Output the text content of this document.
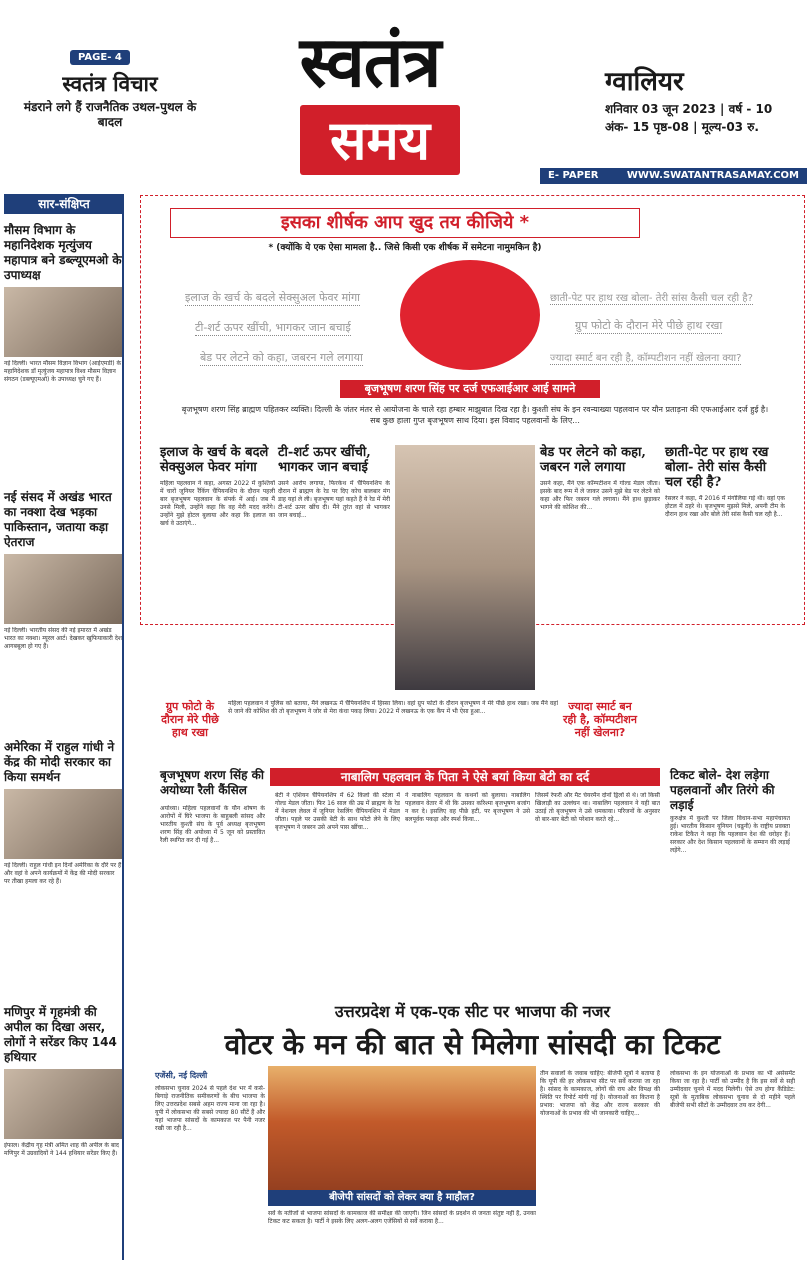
PAGE- 4
स्वतंत्र विचार
मंडराने लगे हैं राजनैतिक उथल-पुथल के बादल
स्वतंत्र
समय
ग्वालियर
शनिवार 03 जून 2023 | वर्ष - 10
अंक- 15 पृष्ठ-08 | मूल्य-03 रु.
E- PAPER	WWW.SWATANTRASAMAY.COM
मौसम विभाग के महानिदेशक मृत्युंजय महापात्र बने डब्ल्यूएमओ के उपाध्यक्ष
नई दिल्ली। भारत मौसम विज्ञान विभाग (आईएमडी) के महानिदेशक डॉ मृत्युंजय महापात्र विश्व मौसम विज्ञान संगठन (डब्ल्यूएमओ) के उपाध्यक्ष चुने गए हैं।
नई संसद में अखंड भारत का नक्शा देख भड़का पाकिस्तान, जताया कड़ा ऐतराज
नई दिल्ली। भारतीय संसद की नई इमारत में अखंड भारत का नक्शा। म्यूरल आर्ट। देखकर खुफियाकारी देश आगबबूला हो गए हैं।
अमेरिका में राहुल गांधी ने केंद्र की मोदी सरकार का किया समर्थन
नई दिल्ली। राहुल गांधी इन दिनों अमेरिका के दौरे पर हैं और वहां वे अपने कार्यक्रमों में केंद्र की मोदी सरकार पर तीखा हमला कर रहे हैं।
मणिपुर में गृहमंत्री की अपील का दिखा असर, लोगों ने सरेंडर किए 144 हथियार
इंफाल। केंद्रीय गृह मंत्री अमित शाह की अपील के बाद मणिपुर में उग्रवादियों ने 144 हथियार सरेंडर किए हैं।
सार-संक्षिप्त
इसका शीर्षक आप खुद तय कीजिये *
* (क्योंकि ये एक ऐसा मामला है.. जिसे किसी एक शीर्षक में समेटना नामुमकिन है)
इलाज के खर्च के बदले सेक्सुअल फेवर मांगा
टी-शर्ट ऊपर खींची, भागकर जान बचाई
बेड पर लेटने को कहा, जबरन गले लगाया
छाती-पेट पर हाथ रख बोला- तेरी सांस कैसी चल रही है?
ग्रुप फोटो के दौरान मेरे पीछे हाथ रखा
ज्यादा स्मार्ट बन रही है, कॉम्पटीशन नहीं खेलना क्या?
बृजभूषण शरण सिंह पर दर्ज एफआईआर आई सामने
बृजभूषण शरण सिंह ब्राह्मण पहितकर व्यक्ति। दिल्ली के जंतर मंतर से आयोजना के चाले रहा हम्बार माझुबात दिख रहा है। कुश्ती संघ के इन रवन्याख्या पहलवान पर यौन प्रताड़ना की एफआईआर दर्ज हुई है। सब कुछ हाला गुप्त बृजभूषण साथ दिया। इस विवाद पहलवानों के लिए...
इलाज के खर्च के बदले सेक्सुअल फेवर मांगा
महिला पहलवान ने कहा, अगस्त 2022 में कुश्तियों में चारों जूनियर रैंकिंग चैंपियनशिप के दौरान पहली बार बृजभूषण पहलवान के संपर्क में आई। जब मैं उनसे मिली, उन्होंने कहा कि वह मेरी मदद करेंगे। उन्होंने मुझे होटल बुलाया और कहा कि इलाज का खर्च वे उठाएंगे...
टी-शर्ट ऊपर खींची, भागकर जान बचाई
उसने आरोप लगाया, फिरकेथ में चैंपियनशिप के दौरान में ब्राह्मण के रेड पर दिए कोच बालबार मंग डाह यहां ले ली। बृजभूषण यहां कहते हैं ये रेड में मेरी टी-शर्ट ऊपर खींच दी। मैंने तुरंत वहां से भागकर जान बचाई...
बेड पर लेटने को कहा, जबरन गले लगाया
उसने कहा, मैंने एक कॉम्पटीशन में गोल्ड मेडल जीता। इसके बाद रूम में ले जाकर उसने मुझे बेड पर लेटने को कहा और फिर जबरन गले लगाया। मैंने हाथ छुड़ाकर भागने की कोशिश की...
छाती-पेट पर हाथ रख बोला- तेरी सांस कैसी चल रही है?
रेसलर ने कहा, मैं 2016 में मंगोलिया गई थी। वहां एक होटल में ठहरे थे। बृजभूषण मुझसे मिले, अपनी टीम के दौरान हाथ रखा और बोले तेरी सांस कैसी चल रही है...
ग्रुप फोटो के दौरान मेरे पीछे हाथ रखा
महिला पहलवान ने पुलिस को बताया, मैंने लखनऊ में चैंपियनशिप में हिस्सा लिया। वहां ग्रुप फोटो के दौरान बृजभूषण ने मेरे पीछे हाथ रखा। जब मैंने वहां से जाने की कोशिश की तो बृजभूषण ने जोर से मेरा कंधा पकड़ लिया। 2022 में लखनऊ के एक कैंप में भी ऐसा हुआ...	ज्यादा स्मार्ट बन रही है, कॉम्पटीशन नहीं खेलना?
नाबालिग पहलवान के पिता ने ऐसे बयां किया बेटी का दर्द
बृजभूषण शरण सिंह की अयोध्या रैली कैंसिल
अयोध्या। महिला पहलवानों के यौन शोषण के आरोपों में घिरे भाजपा के बाहुबली सांसद और भारतीय कुश्ती संघ के पूर्व अध्यक्ष बृजभूषण शरण सिंह की अयोध्या में 5 जून को प्रस्तावित रैली स्थगित कर दी गई है...
बेटी ने एशियन चैंपियनशिप में 62 किलो की स्टेला में गोल्ड मेडल जीता। फिर 16 साल की उम्र में ब्राह्मण के रेड में नेशनल लेवल में जूनियर रेसलिंग चैंपियनशिप में मेडल जीता। पहले पर उसकी बेटी के साथ फोटो लेने के लिए बृजभूषण ने जबरन उसे अपने पास खींचा...
ने नाबालिग पहलवान के कथनों को बुलाया। नाबालिग पहलवान वेतार में थी कि उसका करिश्मा बृजभूषण बजांग न कर दे। इसलिए वह पीछे हटी, पर बृजभूषण ने उसे बलपूर्वक पकड़ा और स्पर्श किया...
जिसमें रेफरी और मैट चेयरमैन दोनों ड्रिलों से थे। जो किसी खिलाड़ी का उल्लंघन था। नाबालिग पहलवान ने यही बात उठाई तो बृजभूषण ने उसे धमकाया। परिजनों के अनुसार वो बार-बार बेटी को परेशान करते रहे...
टिकट बोले- देश लड़ेगा पहलवानों और तिरंगे की लड़ाई
कुरुक्षेत्र में कुश्ती पर जिला विधान-सभा महापंचायत हुई। भारतीय किसान यूनियन (चढूनी) के राष्ट्रीय प्रवक्ता राकेश टिकैत ने कहा कि पहलवान देश की धरोहर हैं। सरकार और देश किसान पहलवानों के सम्मान की लड़ाई लड़ेंगे...
उत्तरप्रदेश में एक-एक सीट पर भाजपा की नजर
वोटर के मन की बात से मिलेगा सांसदी का टिकट
एजेंसी, नई दिल्ली
लोकसभा चुनाव 2024 से पहले देश भर में कसे-बिगाड़े राजनीतिक समीकरणों के बीच भाजपा के लिए उत्तरप्रदेश सबसे अहम राज्य माना जा रहा है। यूपी में लोकसभा की सबसे ज्यादा 80 सीटें हैं और यहां भाजपा सांसदों के कामकाज पर पैनी नजर रखी जा रही है...
बीजेपी सांसदों को लेकर क्या है माहौल?
सर्वे के नतीजों से भाजपा सांसदों के कामकाज की समीक्षा की जाएगी। जिन सांसदों के प्रदर्शन से जनता संतुष्ट नहीं है, उनका टिकट कट सकता है। पार्टी ने इसके लिए अलग-अलग एजेंसियों से सर्वे कराया है...
तीन सवालों के जवाब चाहिए: बीजेपी सूत्रों ने बताया है कि यूपी की हर लोकसभा सीट पर सर्वे कराया जा रहा है। सांसद के कामकाज, लोगों की राय और विपक्ष की स्थिति पर रिपोर्ट मांगी गई है। योजनाओं का कितना है प्रभाव: भाजपा को केंद्र और राज्य सरकार की योजनाओं के प्रभाव की भी जानकारी चाहिए...
लोकसभा के इन योजनाओं के प्रभाव का भी असेसमेंट किया जा रहा है। पार्टी को उम्मीद है कि इस सर्वे से सही उम्मीदवार चुनने में मदद मिलेगी। ऐसे तय होगा कैंडिडेट: सूत्रों के मुताबिक लोकसभा चुनाव से दो महीने पहले बीजेपी सभी सीटों के उम्मीदवार तय कर देगी...
